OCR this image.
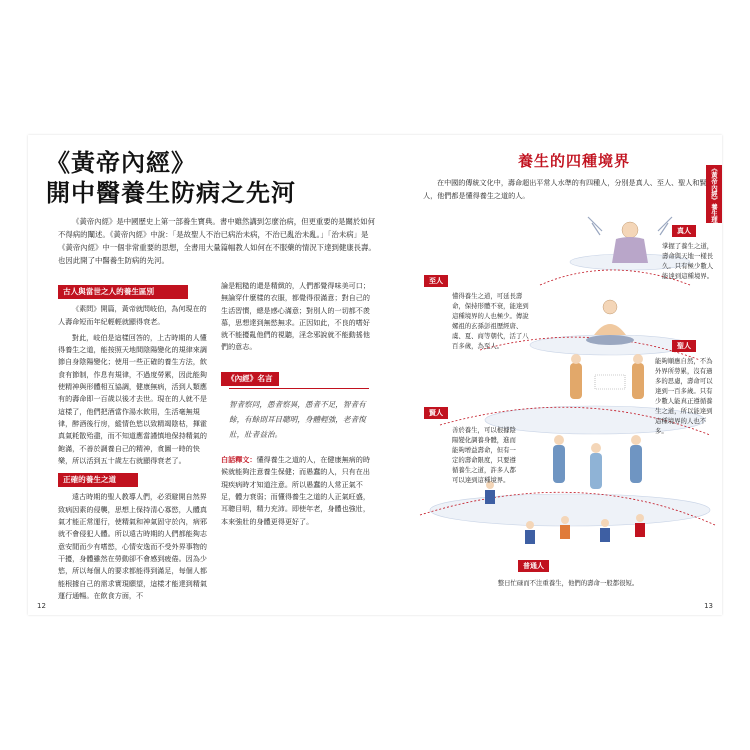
《黃帝內經》
開中醫養生防病之先河

《黃帝內經》是中國歷史上第一部養生寶典。書中雖然講到怎麼治病，但更重要的是關於如何不得病的闡述。《黃帝內經》中說：「是故聖人不治已病治未病，不治已亂治未亂。」「治未病」是《黃帝內經》中一個非常重要的思想，全書用大量篇幅教人如何在不服藥的情況下達到健康長壽。也因此開了中醫養生防病的先河。

古人與當世之人的養生區別

《素問》開篇，黃帝就問岐伯，為何現在的人壽命短而年紀輕輕就顯得衰老。

對此，岐伯是這樣回答的，上古時期的人懂得養生之道，能按照天地間陰陽變化的規律來調節自身陰陽變化；使用一些正確的養生方法，飲食有節制，作息有規律，不過度勞累，因此能夠使精神與形體相互協調，健康無病，活到人類應有的壽命即一百歲以後才去世。現在的人就不是這樣了，他們把酒當作湯水飲用，生活毫無規律，醉酒後行房，縱情色慾以致精竭陰枯，揮霍真氣耗散殆盡，而不知道應當謹慎地保持精氣的飽滿，不善於調養自己的精神，貪圖一時的快樂，所以活到五十歲左右就顯得衰老了。

正確的養生之道

遠古時期的聖人教導人們，必須避開自然界致病因素的侵襲，思想上保持清心寡慾，人體真氣才能正常運行，使精氣和神氣固守於內，病邪就不會侵犯人體。所以遠古時期的人們都能夠志意安閒而少有嗜慾，心情安逸而不受外界事物的干擾，身體雖然在勞動卻不會感到疲倦。因為少慾，所以每個人的要求都能得到滿足，每個人都能根據自己的需求實現願望，這樣才能達到精氣運行通暢。在飲食方面，不

論是粗糙的還是精緻的，人們都覺得味美可口；無論穿什麼樣的衣服，都覺得很滿意；對自己的生活習慣，總是感心滿意；對別人的一切都不羨慕，思想達到無慾無求。正因如此，不良的嗜好就不能擾亂他們的視聽，淫念邪說就不能動搖他們的意志。

《內經》名言
智者察同，愚者察異，愚者不足，智者有餘，有餘則耳目聰明，身體輕強，老者復壯，壯者益治。
白話釋文：懂得養生之道的人，在健康無病的時候就能夠注意養生保健；而愚蠢的人，只有在出現疾病時才知道注意。所以愚蠢的人常正氣不足，體力衰弱；而懂得養生之道的人正氣旺盛，耳聰目明，精力充沛。即使年老，身體也強壯，本來強壯的身體更得更好了。
12
養生的四種境界
《黃帝內經》養生理論

在中國的傳統文化中，壽命超出平常人水準的有四種人，分別是真人、至人、聖人和賢人，他們都是懂得養生之道的人。

真人
掌握了養生之道，壽命與天地一樣長久。只有極少數人能達到這種境界。
至人
懂得養生之道，可延長壽命，保持形體不衰，能達到這種境界的人也極少。傳說嫘祖的玄孫彭祖歷經唐、虞、夏、商等朝代，活了八百多歲，為至人。	聖人
能夠順應自然，不為外界所勞累，沒有過多的思慮，壽命可以達到一百多歲。只有少數人能真正遵循養生之道，所以能達到這種境界的人也不多。
賢人
善於養生，可以根據陰陽變化調養身體，進而能夠增益壽命，但有一定的壽命限度，只要遵循養生之道，許多人都可以達到這種境界。
普通人
整日忙碌而不注重養生，他們的壽命一般都很短。
13
